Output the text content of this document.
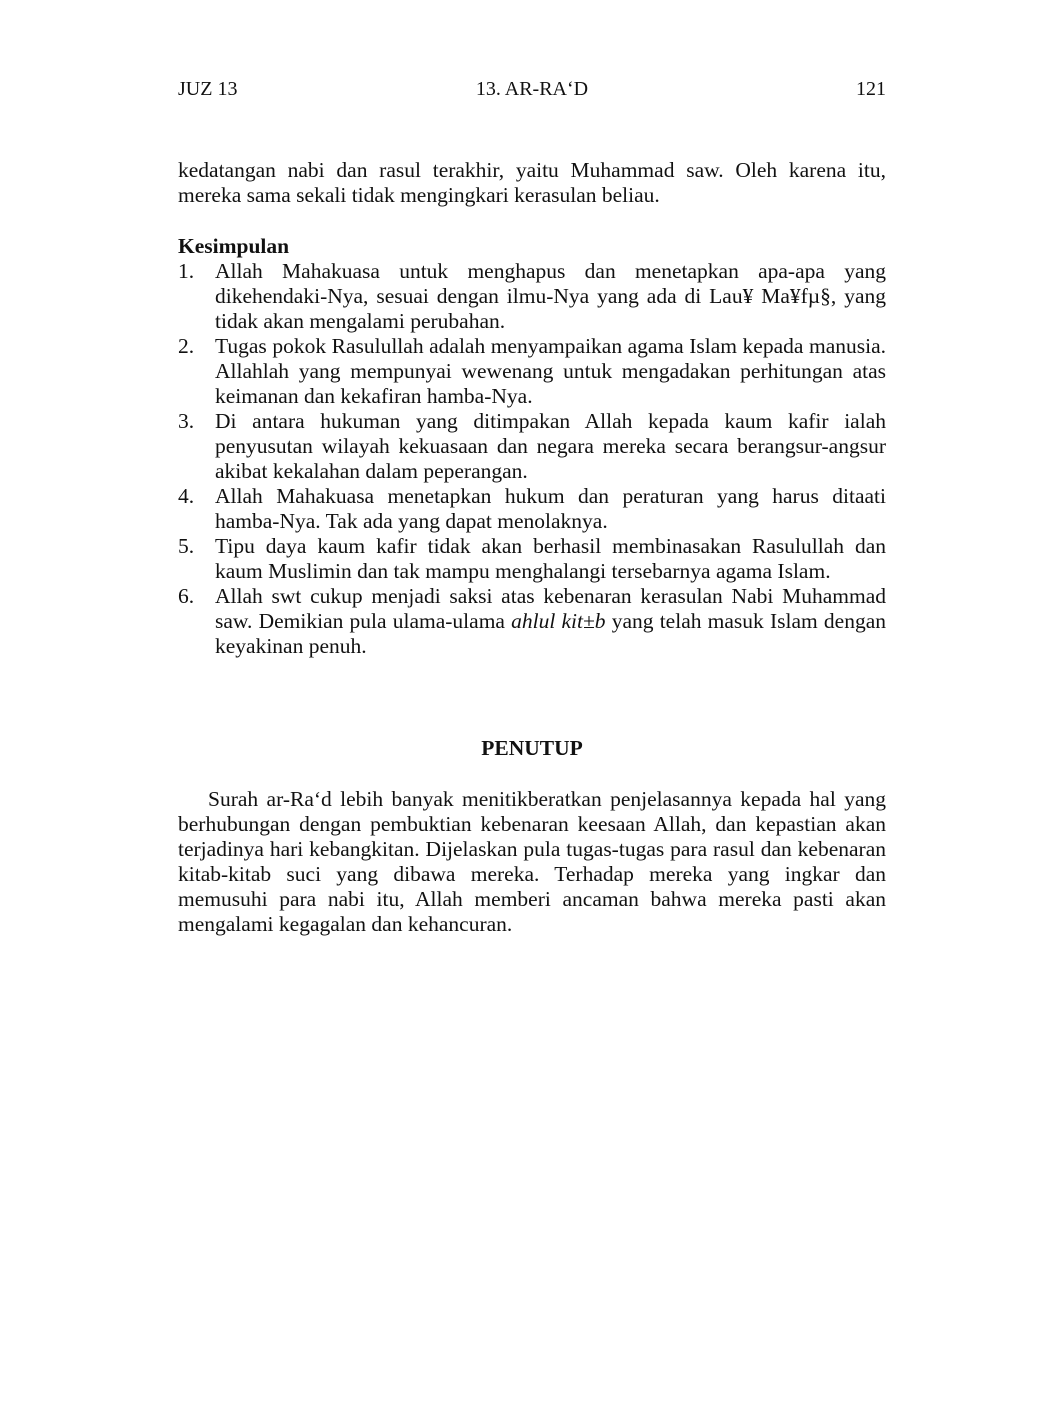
JUZ 13	13. AR-RA‘D	121

kedatangan nabi dan rasul terakhir, yaitu Muhammad saw. Oleh karena itu, mereka sama sekali tidak mengingkari kerasulan beliau.

Kesimpulan
1. Allah Mahakuasa untuk menghapus dan menetapkan apa-apa yang dikehendaki-Nya, sesuai dengan ilmu-Nya yang ada di Lau¥ Ma¥fµ§, yang tidak akan mengalami perubahan.
2. Tugas pokok Rasulullah adalah menyampaikan agama Islam kepada manusia. Allahlah yang mempunyai wewenang untuk mengadakan perhitungan atas keimanan dan kekafiran hamba-Nya.
3. Di antara hukuman yang ditimpakan Allah kepada kaum kafir ialah penyusutan wilayah kekuasaan dan negara mereka secara berangsur-angsur akibat kekalahan dalam peperangan.
4. Allah Mahakuasa menetapkan hukum dan peraturan yang harus ditaati hamba-Nya. Tak ada yang dapat menolaknya.
5. Tipu daya kaum kafir tidak akan berhasil membinasakan Rasulullah dan kaum Muslimin dan tak mampu menghalangi tersebarnya agama Islam.
6. Allah swt cukup menjadi saksi atas kebenaran kerasulan Nabi Muhammad saw. Demikian pula ulama-ulama ahlul kit±b yang telah masuk Islam dengan keyakinan penuh.
PENUTUP

Surah ar-Ra‘d lebih banyak menitikberatkan penjelasannya kepada hal yang berhubungan dengan pembuktian kebenaran keesaan Allah, dan kepastian akan terjadinya hari kebangkitan. Dijelaskan pula tugas-tugas para rasul dan kebenaran kitab-kitab suci yang dibawa mereka. Terhadap mereka yang ingkar dan memusuhi para nabi itu, Allah memberi ancaman bahwa mereka pasti akan mengalami kegagalan dan kehancuran.
